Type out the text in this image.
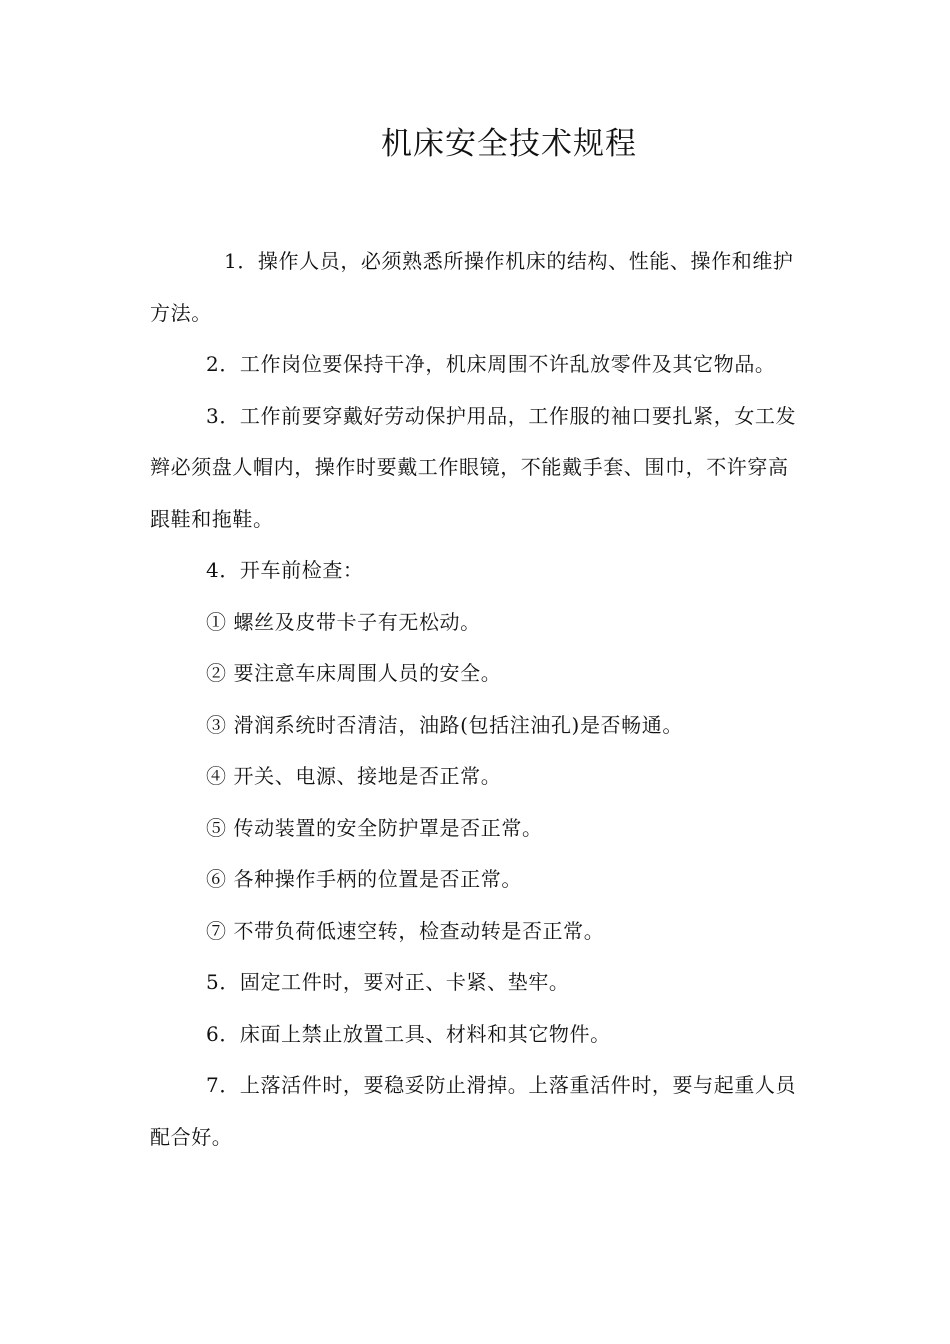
机床安全技术规程

1．操作人员，必须熟悉所操作机床的结构、性能、操作和维护方法。

2．工作岗位要保持干净，机床周围不许乱放零件及其它物品。

3．工作前要穿戴好劳动保护用品，工作服的袖口要扎紧，女工发辫必须盘人帽内，操作时要戴工作眼镜，不能戴手套、围巾，不许穿高跟鞋和拖鞋。

4．开车前检查：

① 螺丝及皮带卡子有无松动。

② 要注意车床周围人员的安全。

③ 滑润系统时否清洁，油路(包括注油孔)是否畅通。

④ 开关、电源、接地是否正常。

⑤ 传动装置的安全防护罩是否正常。

⑥ 各种操作手柄的位置是否正常。

⑦ 不带负荷低速空转，检查动转是否正常。

5．固定工件时，要对正、卡紧、垫牢。

6．床面上禁止放置工具、材料和其它物件。

7．上落活件时，要稳妥防止滑掉。上落重活件时，要与起重人员配合好。
